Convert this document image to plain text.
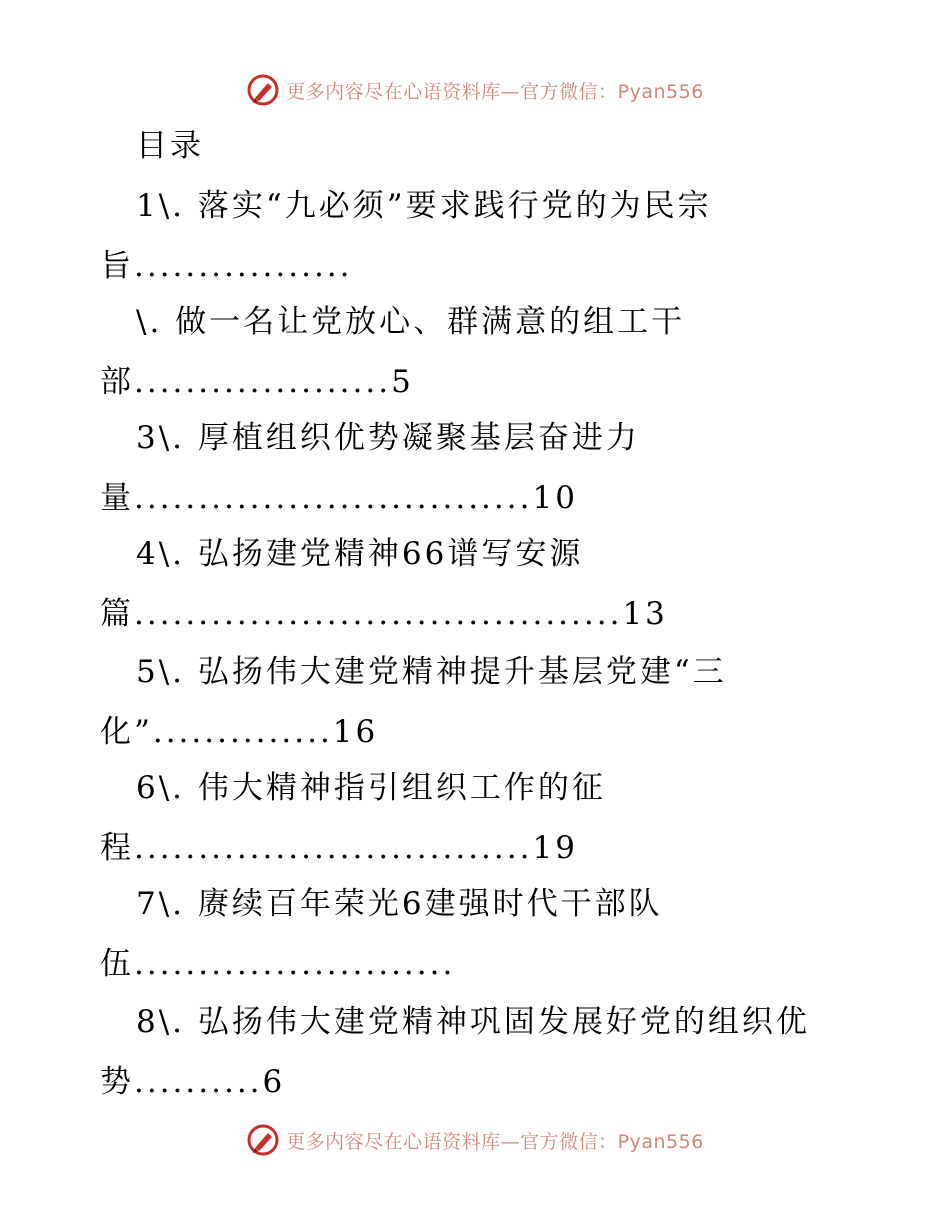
更多内容尽在心语资料库—官方微信：Pyan556
目录
1\. 落实“九必须”要求践行党的为民宗
旨.................
\. 做一名让党放心、群满意的组工干
部....................5
3\. 厚植组织优势凝聚基层奋进力
量...............................10
4\. 弘扬建党精神66谱写安源
篇......................................13
5\. 弘扬伟大建党精神提升基层党建“三
化”..............16
6\. 伟大精神指引组织工作的征
程...............................19
7\. 赓续百年荣光6建强时代干部队
伍.........................
8\. 弘扬伟大建党精神巩固发展好党的组织优
势..........6
更多内容尽在心语资料库—官方微信：Pyan556
